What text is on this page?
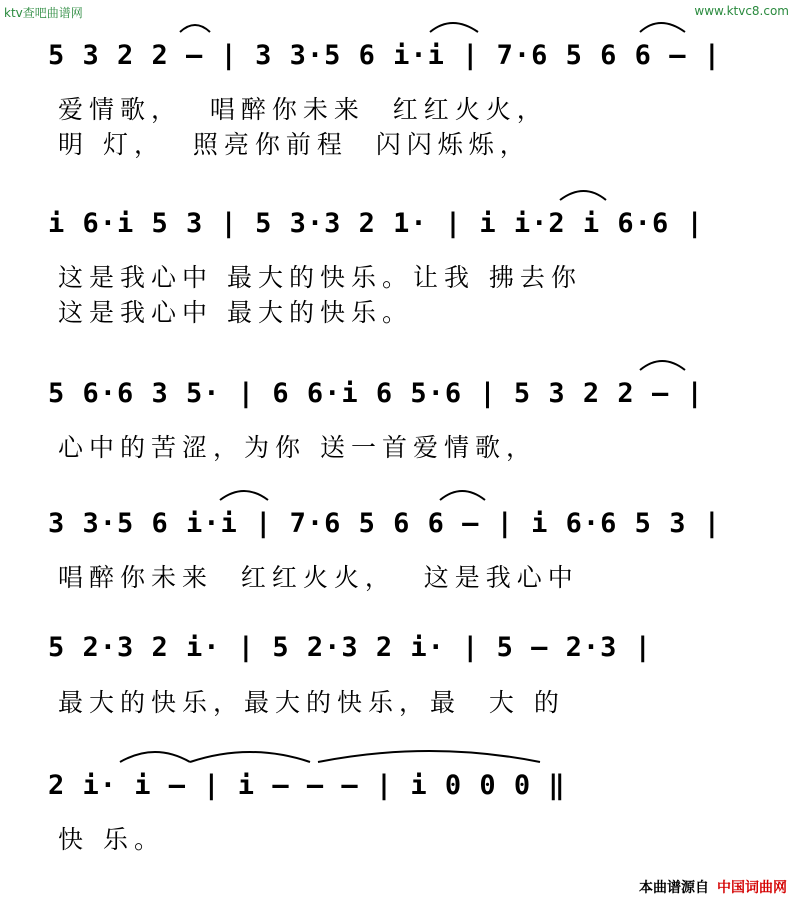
ktv查吧曲谱网	www.ktvc8.com
5 3 2 2 — | 3 3·5 6 i·i | 7·6 5 6 6 — |
爱情歌，  唱醉你未来  红红火火，
明 灯，  照亮你前程  闪闪烁烁，
i 6·i 5 3 | 5 3·3 2 1· | i i·2 i 6·6 |
这是我心中 最大的快乐。让我 拂去你
这是我心中 最大的快乐。
5 6·6 3 5· | 6 6·i 6 5·6 | 5 3 2 2 — |
心中的苦涩，为你 送一首爱情歌，
3 3·5 6 i·i | 7·6 5 6 6 — | i 6·6 5 3 |
唱醉你未来  红红火火，  这是我心中
5 2·3 2 i· | 5 2·3 2 i· | 5 — 2·3 |
最大的快乐，最大的快乐，最  大 的
2 i· i — | i — — — | i 0 0 0 ‖
快 乐。
本曲谱源自 中国词曲网
